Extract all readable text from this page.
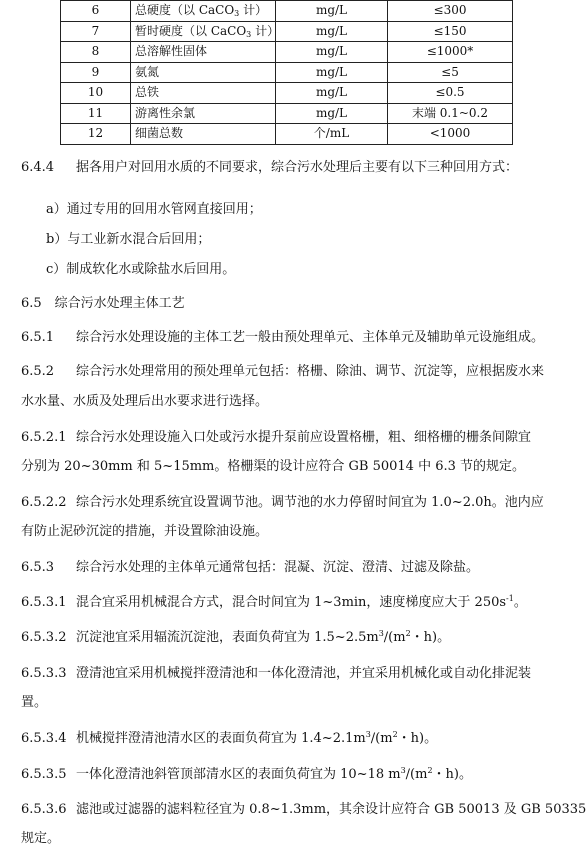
6	总硬度（以 CaCO$_3$ 计）	mg/L	≤300
7	暂时硬度（以 CaCO$_3$ 计）	mg/L	≤150
8	总溶解性固体	mg/L	≤1000*
9	氨氮	mg/L	≤5
10	总铁	mg/L	≤0.5
11	游离性余氯	mg/L	末端 0.1~0.2
12	细菌总数	个/mL	<1000
6.4.4 据各用户对回用水质的不同要求，综合污水处理后主要有以下三种回用方式：
a）通过专用的回用水管网直接回用；
b）与工业新水混合后回用；
c）制成软化水或除盐水后回用。
6.5　综合污水处理主体工艺
6.5.1 综合污水处理设施的主体工艺一般由预处理单元、主体单元及辅助单元设施组成。
6.5.2 综合污水处理常用的预处理单元包括：格栅、除油、调节、沉淀等，应根据废水来
水水量、水质及处理后出水要求进行选择。
6.5.2.1 综合污水处理设施入口处或污水提升泵前应设置格栅，粗、细格栅的栅条间隙宜
分别为 20~30mm 和 5~15mm。格栅渠的设计应符合 GB 50014 中 6.3 节的规定。
6.5.2.2 综合污水处理系统宜设置调节池。调节池的水力停留时间宜为 1.0~2.0h。池内应
有防止泥砂沉淀的措施，并设置除油设施。
6.5.3 综合污水处理的主体单元通常包括：混凝、沉淀、澄清、过滤及除盐。
6.5.3.1 混合宜采用机械混合方式，混合时间宜为 1~3min，速度梯度应大于 $250s^{-1}$。
6.5.3.2 沉淀池宜采用辐流沉淀池，表面负荷宜为 $1.5\sim 2.5m^3/(m^2$・h)。
6.5.3.3 澄清池宜采用机械搅拌澄清池和一体化澄清池，并宜采用机械化或自动化排泥装
置。
6.5.3.4 机械搅拌澄清池清水区的表面负荷宜为 $1.4\sim 2.1m^3/(m^2$・h)。
6.5.3.5 一体化澄清池斜管顶部清水区的表面负荷宜为 10~18 $m^3/(m^2$・h)。
6.5.3.6 滤池或过滤器的滤料粒径宜为 0.8~1.3mm，其余设计应符合 GB 50013 及 GB 50335
规定。
